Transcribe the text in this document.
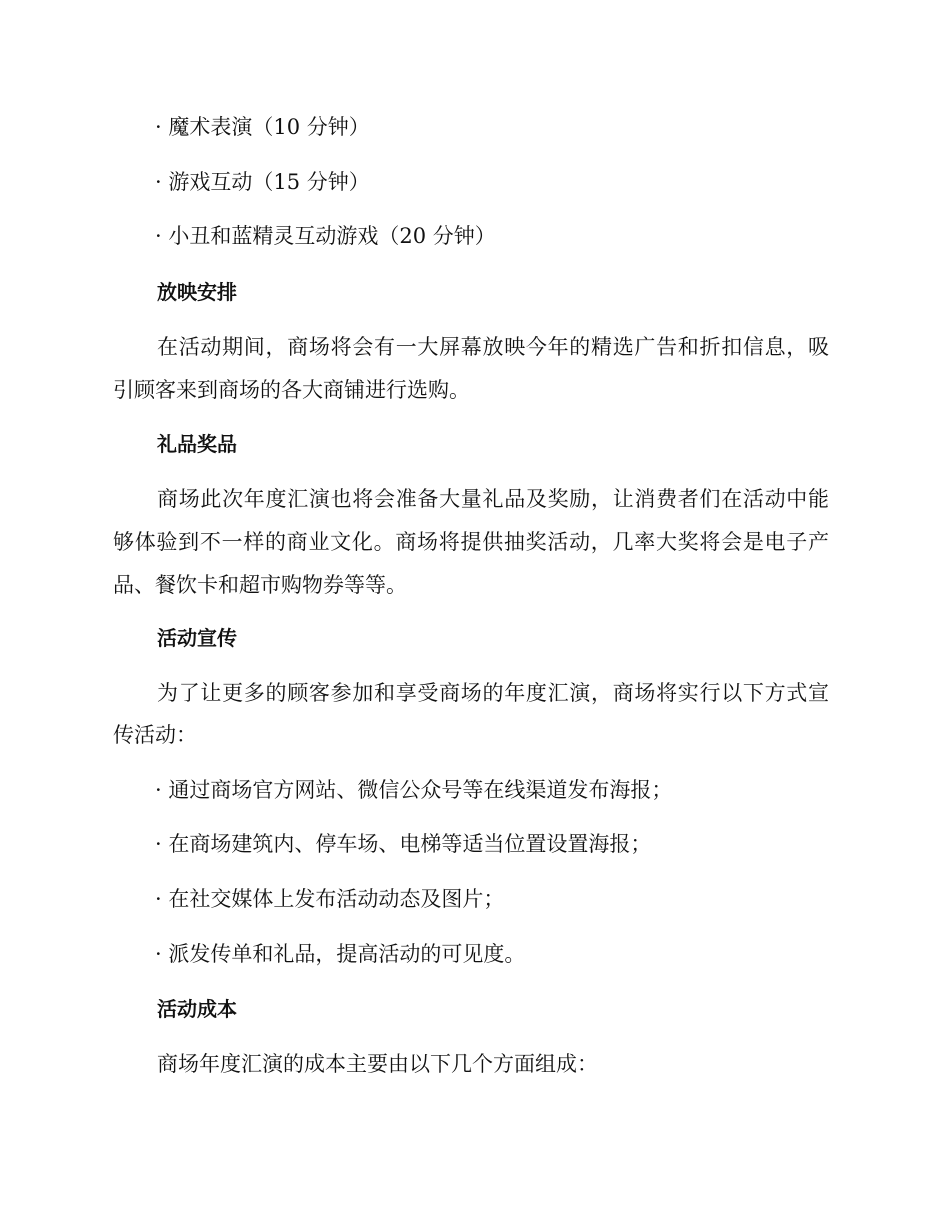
· 魔术表演（10 分钟）
· 游戏互动（15 分钟）
· 小丑和蓝精灵互动游戏（20 分钟）
放映安排
在活动期间，商场将会有一大屏幕放映今年的精选广告和折扣信息，吸
引顾客来到商场的各大商铺进行选购。
礼品奖品
商场此次年度汇演也将会准备大量礼品及奖励，让消费者们在活动中能
够体验到不一样的商业文化。商场将提供抽奖活动，几率大奖将会是电子产
品、餐饮卡和超市购物券等等。
活动宣传
为了让更多的顾客参加和享受商场的年度汇演，商场将实行以下方式宣
传活动：
· 通过商场官方网站、微信公众号等在线渠道发布海报；
· 在商场建筑内、停车场、电梯等适当位置设置海报；
· 在社交媒体上发布活动动态及图片；
· 派发传单和礼品，提高活动的可见度。
活动成本
商场年度汇演的成本主要由以下几个方面组成：
